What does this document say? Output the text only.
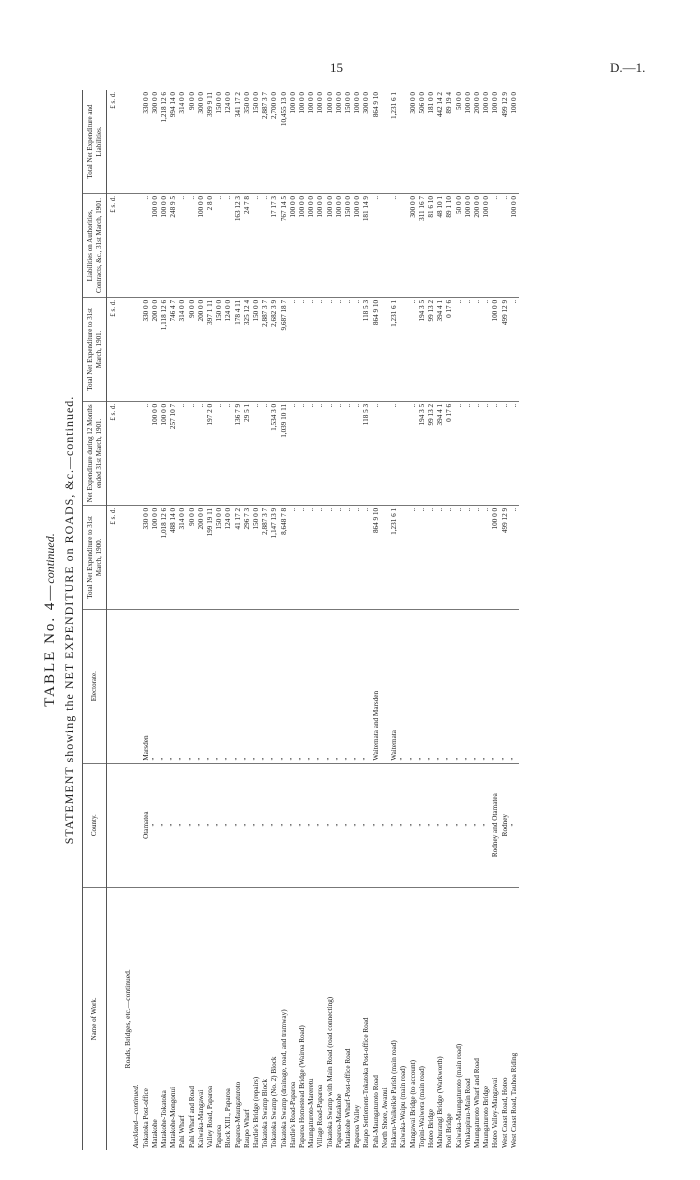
15	D.—1.
TABLE No. 4—continued. STATEMENT showing the NET EXPENDITURE on ROADS, &c.—continued.
Name of Work.	County.	Electorate.	Total Net Expenditure to 31st March, 1900.	Net Expenditure during 12 Months ended 31st March, 1901.	Total Net Expenditure to 31st March, 1901.	Liabilities on Authorities, Contracts, &c., 31st March, 1901.	Total Net Expenditure and Liabilities.
			£ s. d.	£ s. d.	£ s. d.	£ s. d.	£ s. d.
Roads, Bridges, etc.—continued.							
Auckland—continued.							
Tokatoka Post-office	Otamatea	Marsden	330 0 0	..	330 0 0	..	330 0 0
Matakohe	"	"	100 0 0	100 0 0	200 0 0	100 0 0	300 0 0
Matakohe-Tokatoka	"	"	1,018 12 6	100 0 0	1,118 12 6	100 0 0	1,218 12 6
Matakohe-Mongonui	"	"	488 14 0	257 10 7	746 4 7	248 9 5	994 14 0
Pahi Wharf	"	"	314 0 0	..	314 0 0	..	314 0 0
Pahi Wharf and Road	"	"	90 0 0	..	90 0 0	..	90 0 0
Kaiwaka-Mangawai	"	"	200 0 0	..	200 0 0	100 0 0	300 0 0
Valley Road, Paparoa	"	"	199 19 11	197 2 0	397 1 11	2 8 0	399 9 11
Paparoa	"	"	150 0 0	..	150 0 0	..	150 0 0
Block XIII., Paparoa	"	"	124 0 0	..	124 0 0	..	124 0 0
Paparoa-Maungaturoto	"	"	41 17 2	136 7 9	178 4 11	163 12 3	341 17 2
Raupo Wharf	"	"	296 7 3	29 5 1	325 12 4	24 7 8	350 0 0
Hardie's Bridge (repairs)	"	"	150 0 0	..	150 0 0	..	150 0 0
Tokatoka Swamp Block	"	"	2,887 3 7	..	2,887 3 7	..	2,887 3 7
Tokatoka Swamp (No. 2) Block	"	"	1,147 13 9	1,534 3 0	2,682 3 9	17 17 3	2,700 0 0
Tokatoka Swamp (drainage, road, and tramway)	"	"	8,648 7 8	1,039 10 11	9,687 18 7	767 14 5	10,455 13 0
Hardie's Road-Paparoa	"	"	..	..	..	100 0 0	100 0 0
Paparoa Homestead Bridge (Wairoa Road)	"	"	..	..	..	100 0 0	100 0 0
Maungaturoto-Mareretu	"	"	..	..	..	100 0 0	100 0 0
Village Road-Paparoa	"	"	..	..	..	100 0 0	100 0 0
Tokatoka Swamp with Main Road (road connecting)	"	"	..	..	..	100 0 0	100 0 0
Paparoa-Matakohe	"	"	..	..	..	100 0 0	100 0 0
Matakohe Wharf-Post-office Road	"	"	..	..	..	150 0 0	150 0 0
Paparoa Valley	"	"	..	..	..	100 0 0	100 0 0
Raupo Settlement-Tokatoka Post-office Road	"	"	..	118 5 3	118 5 3	181 14 9	300 0 0
Pahi-Maungaturoto Road	"	Waitemata and Marsden	864 9 10	..	864 9 10	..	864 9 10
North Shore, Awanui	"						
Hakaru-Waikeikie Parish (main road)	"	Waitemata	1,231 6 1	..	1,231 6 1	..	1,231 6 1
Kaiwaka-Waipu (main road)	"	"					
Mangawai Bridge (to account)	"	"	..	..	..	300 0 0	300 0 0
Topini-Waiwera (main road)	"	"	..	194 3 5	194 3 5	311 16 7	506 0 0
Hoteo Bridge	"	"	..	99 13 2	99 13 2	81 6 10	181 0 0
Mahurangi Bridge (Warkworth)	"	"	..	394 4 1	394 4 1	48 10 1	442 14 2
Pool Bridge	"	"	..	0 17 6	0 17 6	89 1 10	89 19 4
Kaiwaka-Maungaturoto (main road)	"	"	..	..	..	50 0 0	50 0 0
Whakapirau-Main Road	"	"	..	..	..	100 0 0	100 0 0
Maungaturoto Wharf and Road	"	"	..	..	..	200 0 0	200 0 0
Maungaturoto Bridge	"	"	..	..	..	100 0 0	100 0 0
Hoteo Valley-Mangawai	Rodney and Otamatea	"	100 0 0	..	100 0 0	..	100 0 0
West Coast Road, Hoteo	Rodney	"	499 12 9	..	499 12 9	..	499 12 9
West Coast Road, Tauhoa Riding	"	"	..	..	..	100 0 0	100 0 0
